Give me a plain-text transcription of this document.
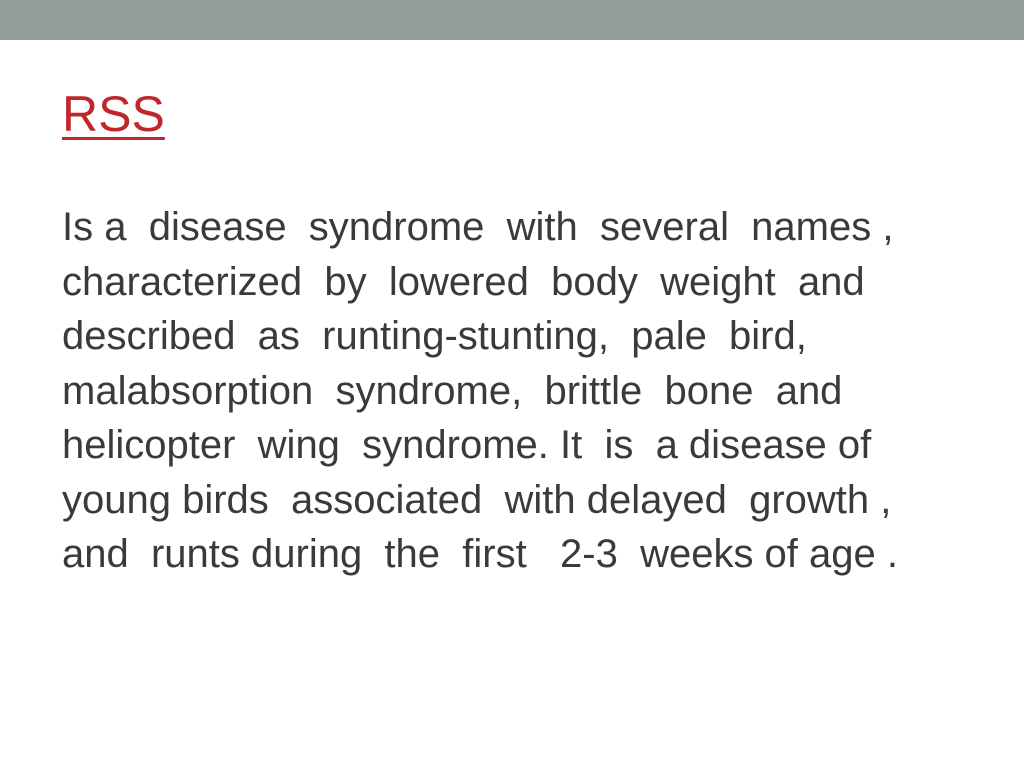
RSS

Is a  disease  syndrome  with  several  names ,
characterized  by  lowered  body  weight  and
described  as  runting-stunting,  pale  bird,
malabsorption  syndrome,  brittle  bone  and
helicopter  wing  syndrome. It  is  a disease of
young birds  associated  with delayed  growth ,
and  runts during  the  first   2-3  weeks of age .
